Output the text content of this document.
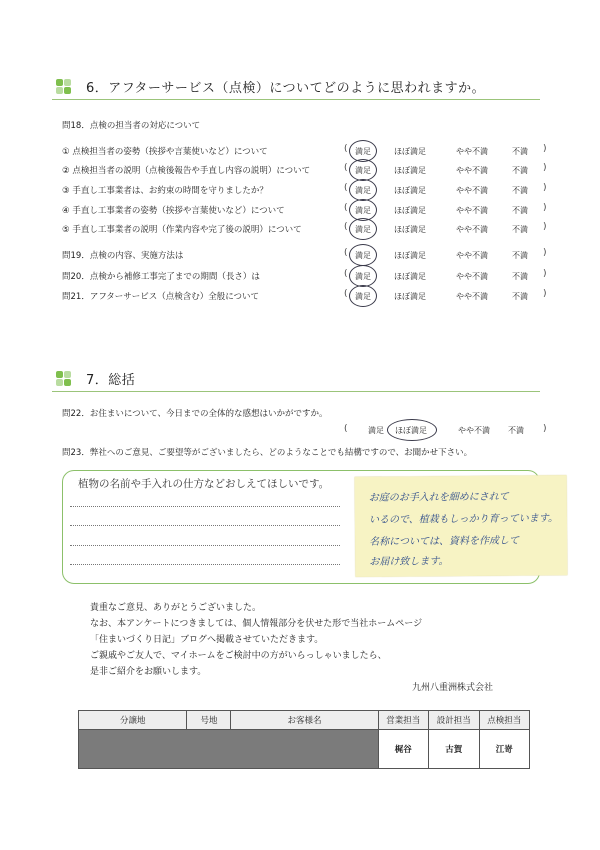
6．アフターサービス（点検）についてどのように思われますか。
問18．点検の担当者の対応について
① 点検担当者の姿勢（挨拶や言葉使いなど）について	(	)
満足	ほぼ満足	やや不満	不満
② 点検担当者の説明（点検後報告や手直し内容の説明）について	(	)
満足	ほぼ満足	やや不満	不満
③ 手直し工事業者は、お約束の時間を守りましたか？	(	)
満足	ほぼ満足	やや不満	不満
④ 手直し工事業者の姿勢（挨拶や言葉使いなど）について	(	)
満足	ほぼ満足	やや不満	不満
⑤ 手直し工事業者の説明（作業内容や完了後の説明）について	(	)
満足	ほぼ満足	やや不満	不満
問19．点検の内容、実施方法は	(	)
満足	ほぼ満足	やや不満	不満
問20．点検から補修工事完了までの期間（長さ）は	(	)
満足	ほぼ満足	やや不満	不満
問21．アフターサービス（点検含む）全般について	(	)
満足	ほぼ満足	やや不満	不満
7．総括
問22．お住まいについて、今日までの全体的な感想はいかがですか。
満足 ほぼ満足	やや不満 不満
(	)
問23．弊社へのご意見、ご要望等がございましたら、どのようなことでも結構ですので、お聞かせ下さい。
植物の名前や手入れの仕方などおしえてほしいです。
お庭のお手入れを細めにされて
いるので、植栽もしっかり育っています。
名称については、資料を作成して
お届け致します。
貴重なご意見、ありがとうございました。
なお、本アンケートにつきましては、個人情報部分を伏せた形で当社ホームページ
「住まいづくり日記」ブログへ掲載させていただきます。
ご親戚やご友人で、マイホームをご検討中の方がいらっしゃいましたら、
是非ご紹介をお願いします。
九州八重洲株式会社
分譲地	号地	お客様名	営業担当	設計担当	点検担当
			梶谷	古賀	江嵜
